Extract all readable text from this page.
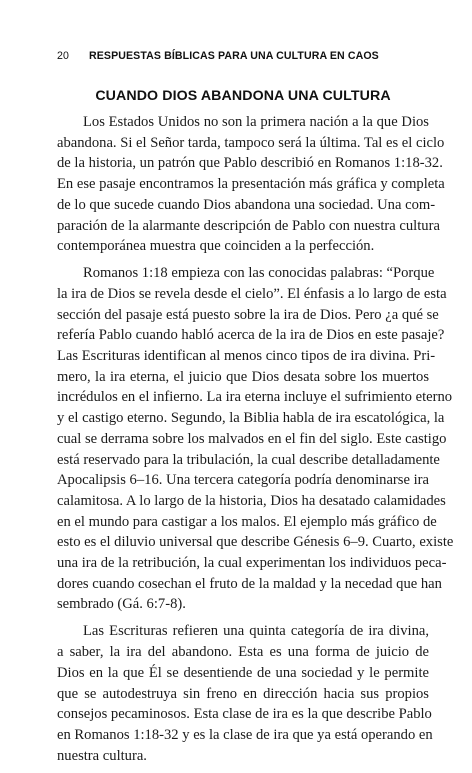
20 RESPUESTAS BÍBLICAS PARA UNA CULTURA EN CAOS
CUANDO DIOS ABANDONA UNA CULTURA
Los Estados Unidos no son la primera nación a la que Dios
abandona. Si el Señor tarda, tampoco será la última. Tal es el ciclo
de la historia, un patrón que Pablo describió en Romanos 1:18-32.
En ese pasaje encontramos la presentación más gráfica y completa
de lo que sucede cuando Dios abandona una sociedad. Una com-
paración de la alarmante descripción de Pablo con nuestra cultura
contemporánea muestra que coinciden a la perfección.
Romanos 1:18 empieza con las conocidas palabras: “Porque
la ira de Dios se revela desde el cielo”. El énfasis a lo largo de esta
sección del pasaje está puesto sobre la ira de Dios. Pero ¿a qué se
refería Pablo cuando habló acerca de la ira de Dios en este pasaje?
Las Escrituras identifican al menos cinco tipos de ira divina. Pri-
mero, la ira eterna, el juicio que Dios desata sobre los muertos
incrédulos en el infierno. La ira eterna incluye el sufrimiento eterno
y el castigo eterno. Segundo, la Biblia habla de ira escatológica, la
cual se derrama sobre los malvados en el fin del siglo. Este castigo
está reservado para la tribulación, la cual describe detalladamente
Apocalipsis 6–16. Una tercera categoría podría denominarse ira
calamitosa. A lo largo de la historia, Dios ha desatado calamidades
en el mundo para castigar a los malos. El ejemplo más gráfico de
esto es el diluvio universal que describe Génesis 6–9. Cuarto, existe
una ira de la retribución, la cual experimentan los individuos peca-
dores cuando cosechan el fruto de la maldad y la necedad que han
sembrado (Gá. 6:7-8).
Las Escrituras refieren una quinta categoría de ira divina,
a saber, la ira del abandono. Esta es una forma de juicio de
Dios en la que Él se desentiende de una sociedad y le permite
que se autodestruya sin freno en dirección hacia sus propios
consejos pecaminosos. Esta clase de ira es la que describe Pablo
en Romanos 1:18-32 y es la clase de ira que ya está operando en
nuestra cultura.
